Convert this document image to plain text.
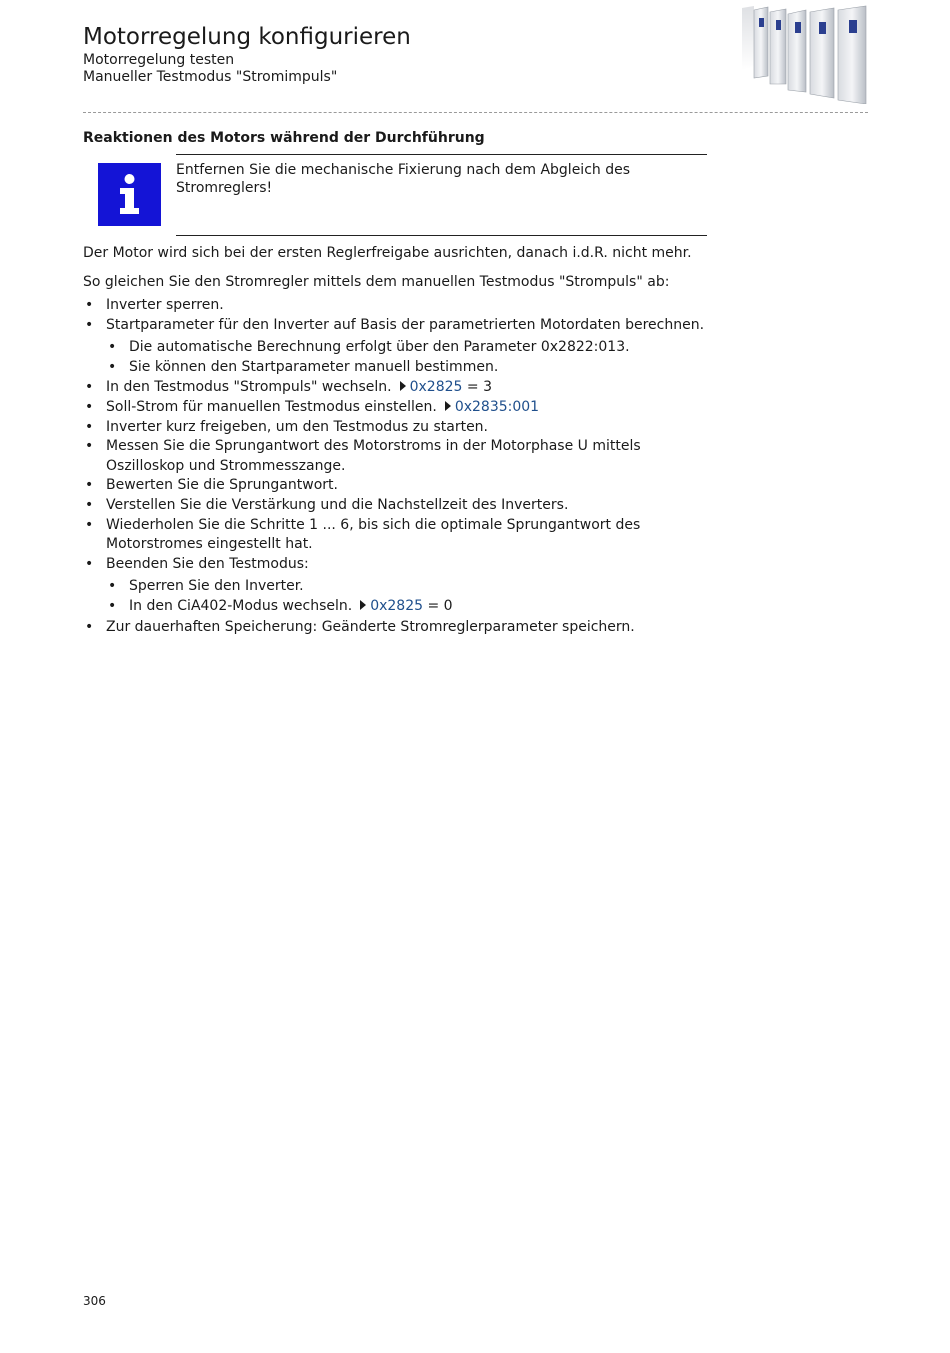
Motorregelung konfigurieren
Motorregelung testen
Manueller Testmodus "Stromimpuls"
Reaktionen des Motors während der Durchführung
Entfernen Sie die mechanische Fixierung nach dem Abgleich des Stromreglers!

Der Motor wird sich bei der ersten Reglerfreigabe ausrichten, danach i.d.R. nicht mehr.

So gleichen Sie den Stromregler mittels dem manuellen Testmodus "Strompuls" ab:

• Inverter sperren.
• Startparameter für den Inverter auf Basis der parametrierten Motordaten berechnen.
• Die automatische Berechnung erfolgt über den Parameter 0x2822:013.
• Sie können den Startparameter manuell bestimmen.
• In den Testmodus "Strompuls" wechseln. 0x2825 = 3
• Soll-Strom für manuellen Testmodus einstellen. 0x2835:001
• Inverter kurz freigeben, um den Testmodus zu starten.
• Messen Sie die Sprungantwort des Motorstroms in der Motorphase U mittels Oszilloskop und Strommesszange.
• Bewerten Sie die Sprungantwort.
• Verstellen Sie die Verstärkung und die Nachstellzeit des Inverters.
• Wiederholen Sie die Schritte 1 ... 6, bis sich die optimale Sprungantwort des Motorstromes eingestellt hat.
• Beenden Sie den Testmodus:
• Sperren Sie den Inverter.
• In den CiA402-Modus wechseln. 0x2825 = 0
• Zur dauerhaften Speicherung: Geänderte Stromreglerparameter speichern.
306
